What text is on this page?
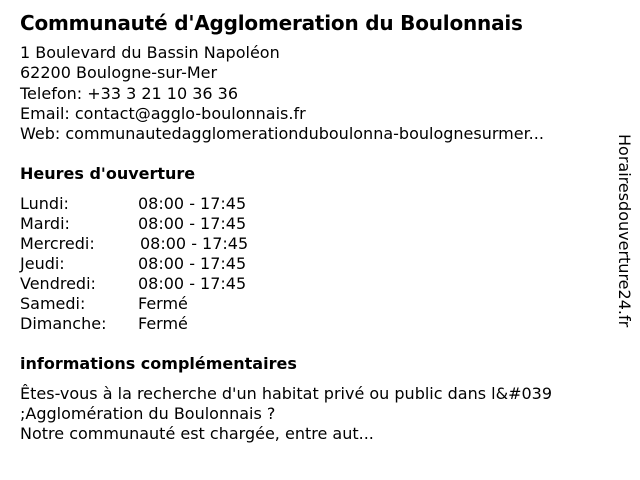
Communauté d'Agglomeration du Boulonnais
1 Boulevard du Bassin Napoléon
62200 Boulogne-sur-Mer
Telefon: +33 3 21 10 36 36
Email: contact@agglo-boulonnais.fr
Web: communautedagglomerationduboulonna-boulognesurmer...
Heures d'ouverture
Lundi:	08:00 - 17:45
Mardi:	08:00 - 17:45
Mercredi:	08:00 - 17:45
Jeudi:	08:00 - 17:45
Vendredi:	08:00 - 17:45
Samedi:	Fermé
Dimanche:	Fermé
informations complémentaires
Êtes-vous à la recherche d'un habitat privé ou public dans l&#039
;Agglomération du Boulonnais ?
Notre communauté est chargée, entre aut...
Horairesdouverture24.fr
